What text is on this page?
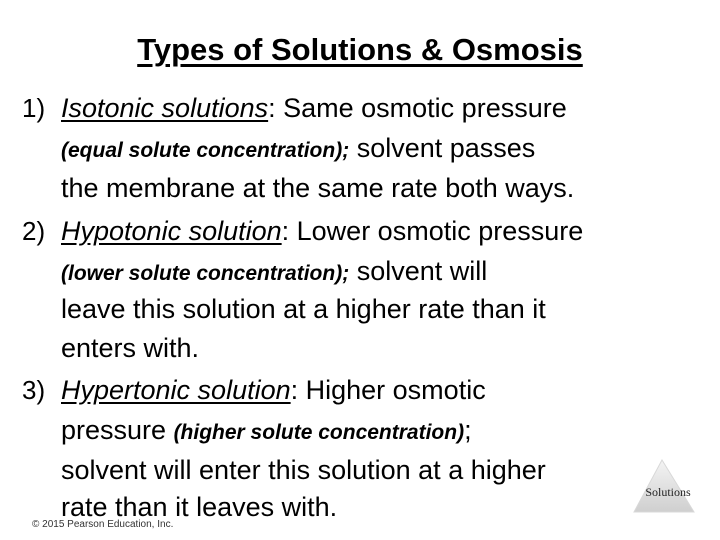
Types of Solutions & Osmosis
1) Isotonic solutions: Same osmotic pressure
(equal solute concentration); solvent passes
the membrane at the same rate both ways.
2) Hypotonic solution: Lower osmotic pressure
(lower solute concentration); solvent will
leave this solution at a higher rate than it
enters with.
3) Hypertonic solution: Higher osmotic
pressure (higher solute concentration);
solvent will enter this solution at a higher
rate than it leaves with.
© 2015 Pearson Education, Inc.
Solutions
